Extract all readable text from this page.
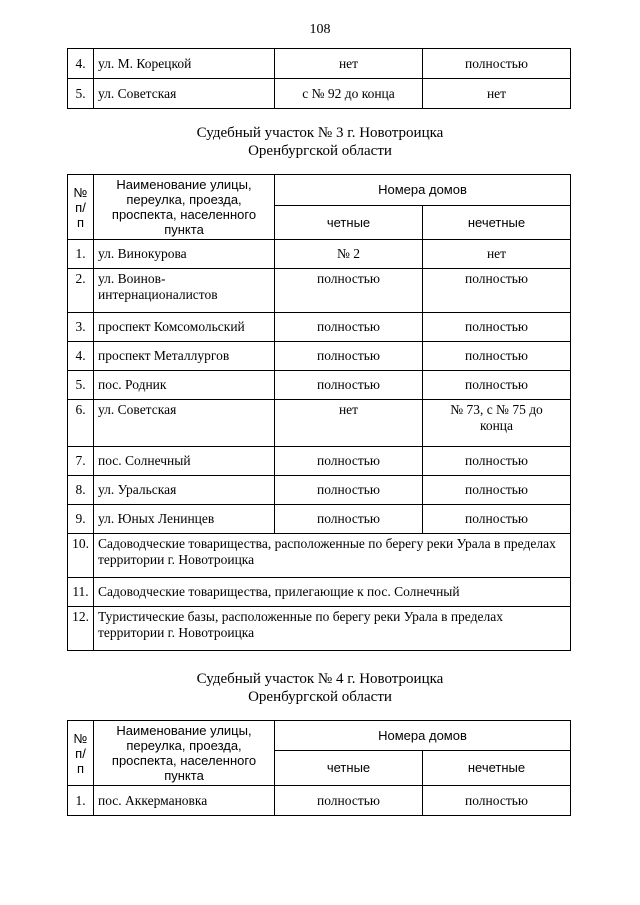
108
4.	ул. М. Корецкой	нет	полностью
5.	ул. Советская	с № 92 до конца	нет
Судебный участок № 3 г. Новотроицка
Оренбургской области
№ п/п	Наименование улицы, переулка, проезда, проспекта, населенного пункта	Номера домов	
		четные	нечетные
1.	ул. Винокурова	№ 2	нет
2.	ул. Воинов-интернационалистов	полностью	полностью
3.	проспект Комсомольский	полностью	полностью
4.	проспект Металлургов	полностью	полностью
5.	пос. Родник	полностью	полностью
6.	ул. Советская	нет	№ 73, с № 75 до конца
7.	пос. Солнечный	полностью	полностью
8.	ул. Уральская	полностью	полностью
9.	ул. Юных Ленинцев	полностью	полностью
10.	Садоводческие товарищества, расположенные по берегу реки Урала в пределах территории г. Новотроицка		
11.	Садоводческие товарищества, прилегающие к пос. Солнечный		
12.	Туристические базы, расположенные по берегу реки Урала в пределах территории г. Новотроицка		
Судебный участок № 4 г. Новотроицка
Оренбургской области
№ п/п	Наименование улицы, переулка, проезда, проспекта, населенного пункта	Номера домов	
		четные	нечетные
1.	пос. Аккермановка	полностью	полностью
